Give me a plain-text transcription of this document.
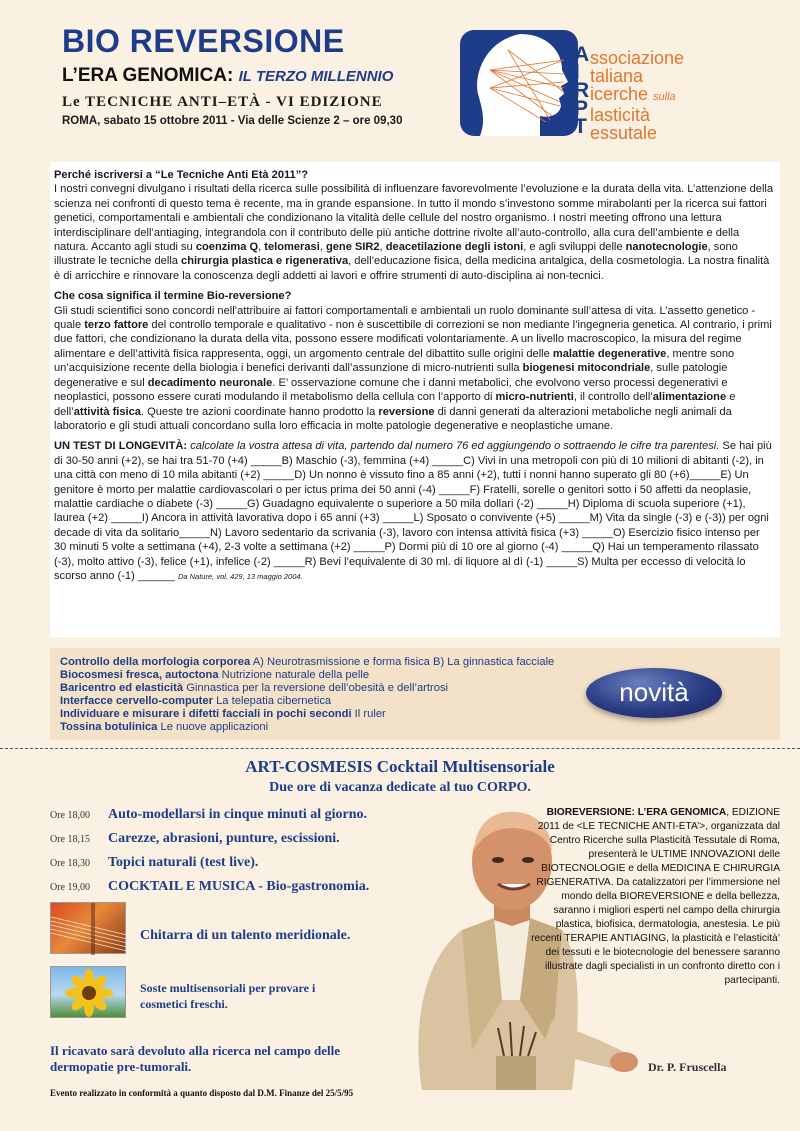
BIO REVERSIONE
L’ERA GENOMICA: IL TERZO MILLENNIO
Le TECNICHE ANTI–ETÀ - VI EDIZIONE
ROMA, sabato 15 ottobre 2011 - Via delle Scienze 2 – ore 09,30
A
I
R
P
T
ssociazione
taliana
icerche sulla
lasticità
essutale

Perché iscriversi a “Le Tecniche Anti Età 2011”?
I nostri convegni divulgano i risultati della ricerca sulle possibilità di influenzare favorevolmente l’evoluzione e la durata della vita. L’attenzione della scienza nei confronti di questo tema è recente, ma in grande espansione. In tutto il mondo s’investono somme mirabolanti per la ricerca sui fattori genetici, comportamentali e ambientali che condizionano la vitalità delle cellule del nostro organismo. I nostri meeting offrono una lettura interdisciplinare dell’antiaging, integrandola con il contributo delle più antiche dottrine rivolte all’auto-controllo, alla cura dell’ambiente e della natura. Accanto agli studi su coenzima Q, telomerasi, gene SIR2, deacetilazione degli istoni, e agli sviluppi delle nanotecnologie, sono illustrate le tecniche della chirurgia plastica e rigenerativa, dell’educazione fisica, della medicina antalgica, della cosmetologia. La nostra finalità è di arricchire e rinnovare la conoscenza degli addetti ai lavori e offrire strumenti di auto-disciplina ai non-tecnici.

Che cosa significa il termine Bio-reversione?
Gli studi scientifici sono concordi nell’attribuire ai fattori comportamentali e ambientali un ruolo dominante sull’attesa di vita. L’assetto genetico - quale terzo fattore del controllo temporale e qualitativo - non è suscettibile di correzioni se non mediante l’ingegneria genetica. Al contrario, i primi due fattori, che condizionano la durata della vita, possono essere modificati volontariamente. A un livello macroscopico, la misura del regime alimentare e dell’attività fisica rappresenta, oggi, un argomento centrale del dibattito sulle origini delle malattie degenerative, mentre sono un’acquisizione recente della biologia i benefici derivanti dall’assunzione di micro-nutrienti sulla biogenesi mitocondriale, sulle patologie degenerative e sul decadimento neuronale. E’ osservazione comune che i danni metabolici, che evolvono verso processi degenerativi e neoplastici, possono essere curati modulando il metabolismo della cellula con l’apporto di micro-nutrienti, il controllo dell’alimentazione e dell’attività fisica. Queste tre azioni coordinate hanno prodotto la reversione di danni generati da alterazioni metaboliche negli animali da laboratorio e gli studi attuali concordano sulla loro efficacia in molte patologie degenerative e neoplastiche umane.

UN TEST DI LONGEVITÀ: calcolate la vostra attesa di vita, partendo dal numero 76 ed aggiungendo o sottraendo le cifre tra parentesi. Se hai più di 30-50 anni (+2), se hai tra 51-70 (+4) _____B) Maschio (-3), femmina (+4) _____C) Vivi in una metropoli con più di 10 milioni di abitanti (-2), in una città con meno di 10 mila abitanti (+2) _____D) Un nonno è vissuto fino a 85 anni (+2), tutti i nonni hanno superato gli 80 (+6)_____E) Un genitore è morto per malattie cardiovascolari o per ictus prima dei 50 anni (-4) _____F) Fratelli, sorelle o genitori sotto i 50 affetti da neoplasie, malattie cardiache o diabete (-3) _____G) Guadagno equivalente o superiore a 50 mila dollari (-2) _____H) Diploma di scuola superiore (+1), laurea (+2) _____I) Ancora in attività lavorativa dopo i 65 anni (+3) _____L) Sposato o convivente (+5) _____M) Vita da single (-3) e (-3)) per ogni decade di vita da solitario_____N) Lavoro sedentario da scrivania (-3), lavoro con intensa attività fisica (+3) _____O) Esercizio fisico intenso per 30 minuti 5 volte a settimana (+4), 2-3 volte a settimana (+2) _____P) Dormi più di 10 ore al giorno (-4) _____Q) Hai un temperamento rilassato (-3), molto attivo (-3), felice (+1), infelice (-2) _____R) Bevi l’equivalente di 30 ml. di liquore al dì (-1) _____S) Multa per eccesso di velocità lo scorso anno (-1) ______ Da Nature, vol. 429, 13 maggio 2004.

Controllo della morfologia corporea A) Neurotrasmissione e forma fisica B) La ginnastica facciale
Biocosmesi fresca, autoctona Nutrizione naturale della pelle
Baricentro ed elasticità Ginnastica per la reversione dell’obesità e dell’artrosi
Interfacce cervello-computer La telepatia cibernetica
Individuare e misurare i difetti facciali in pochi secondi Il ruler
Tossina botulinica Le nuove applicazioni
novità
ART-COSMESIS Cocktail Multisensoriale
Due ore di vacanza dedicate al tuo CORPO.
Ore 18,00 Auto-modellarsi in cinque minuti al giorno.
Ore 18,15 Carezze, abrasioni, punture, escissioni.
Ore 18,30 Topici naturali (test live).
Ore 19,00 COCKTAIL E MUSICA - Bio-gastronomia.
Chitarra di un talento meridionale.
Soste multisensoriali per provare i cosmetici freschi.
Il ricavato sarà devoluto alla ricerca nel campo delle dermopatie pre-tumorali.
Evento realizzato in conformità a quanto disposto dal D.M. Finanze del 25/5/95
BIOREVERSIONE: L’ERA GENOMICA, EDIZIONE 2011 de <LE TECNICHE ANTI-ETA’>, organizzata dal Centro Ricerche sulla Plasticità Tessutale di Roma, presenterà le ULTIME INNOVAZIONI delle BIOTECNOLOGIE e della MEDICINA E CHIRURGIA RIGENERATIVA. Da catalizzatori per l’immersione nel mondo della BIOREVERSIONE e della bellezza, saranno i migliori esperti nel campo della chirurgia plastica, biofisica, dermatologia, anestesia. Le più recenti TERAPIE ANTIAGING, la plasticità e l’elasticità’ dei tessuti e le biotecnologie del benessere saranno illustrate dagli specialisti in un confronto diretto con i partecipanti.
Dr. P. Fruscella
